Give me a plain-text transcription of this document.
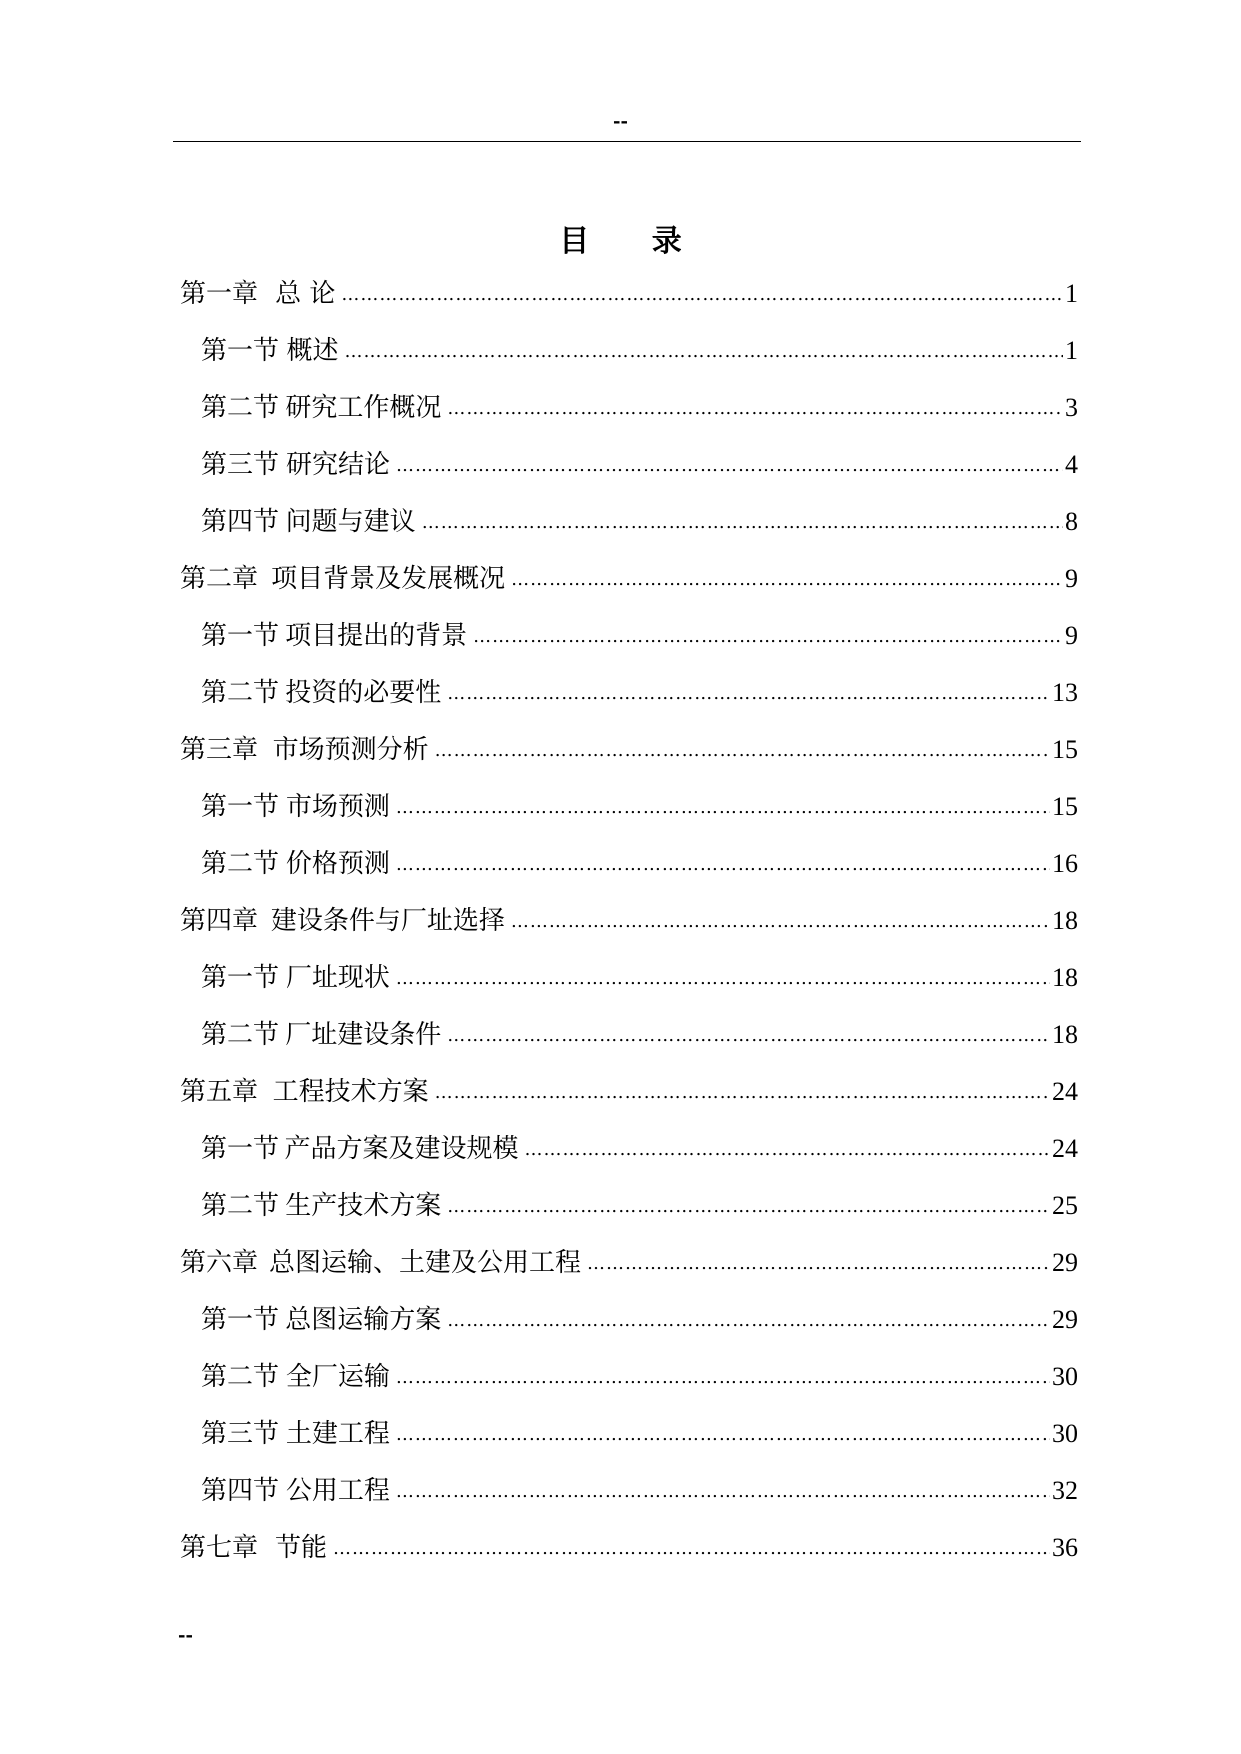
--
目 录
第一章 总 论 ……………………………………………………………………………………………………………………………………………………………………………………………	1
第一节 概述 ……………………………………………………………………………………………………………………………………………………………………………………………	1
第二节 研究工作概况 ……………………………………………………………………………………………………………………………………………………………………………………………	3
第三节 研究结论 ……………………………………………………………………………………………………………………………………………………………………………………………	4
第四节 问题与建议 ……………………………………………………………………………………………………………………………………………………………………………………………	8
第二章 项目背景及发展概况 ……………………………………………………………………………………………………………………………………………………………………………………………	9
第一节 项目提出的背景 ……………………………………………………………………………………………………………………………………………………………………………………………	9
第二节 投资的必要性 ……………………………………………………………………………………………………………………………………………………………………………………………	13
第三章 市场预测分析 ……………………………………………………………………………………………………………………………………………………………………………………………	15
第一节 市场预测 ……………………………………………………………………………………………………………………………………………………………………………………………	15
第二节 价格预测 ……………………………………………………………………………………………………………………………………………………………………………………………	16
第四章 建设条件与厂址选择 ……………………………………………………………………………………………………………………………………………………………………………………………	18
第一节 厂址现状 ……………………………………………………………………………………………………………………………………………………………………………………………	18
第二节 厂址建设条件 ……………………………………………………………………………………………………………………………………………………………………………………………	18
第五章 工程技术方案 ……………………………………………………………………………………………………………………………………………………………………………………………	24
第一节 产品方案及建设规模 ……………………………………………………………………………………………………………………………………………………………………………………………	24
第二节 生产技术方案 ……………………………………………………………………………………………………………………………………………………………………………………………	25
第六章 总图运输、土建及公用工程 ……………………………………………………………………………………………………………………………………………………………………………………………	29
第一节 总图运输方案 ……………………………………………………………………………………………………………………………………………………………………………………………	29
第二节 全厂运输 ……………………………………………………………………………………………………………………………………………………………………………………………	30
第三节 土建工程 ……………………………………………………………………………………………………………………………………………………………………………………………	30
第四节 公用工程 ……………………………………………………………………………………………………………………………………………………………………………………………	32
第七章 节能 ……………………………………………………………………………………………………………………………………………………………………………………………	36
--
